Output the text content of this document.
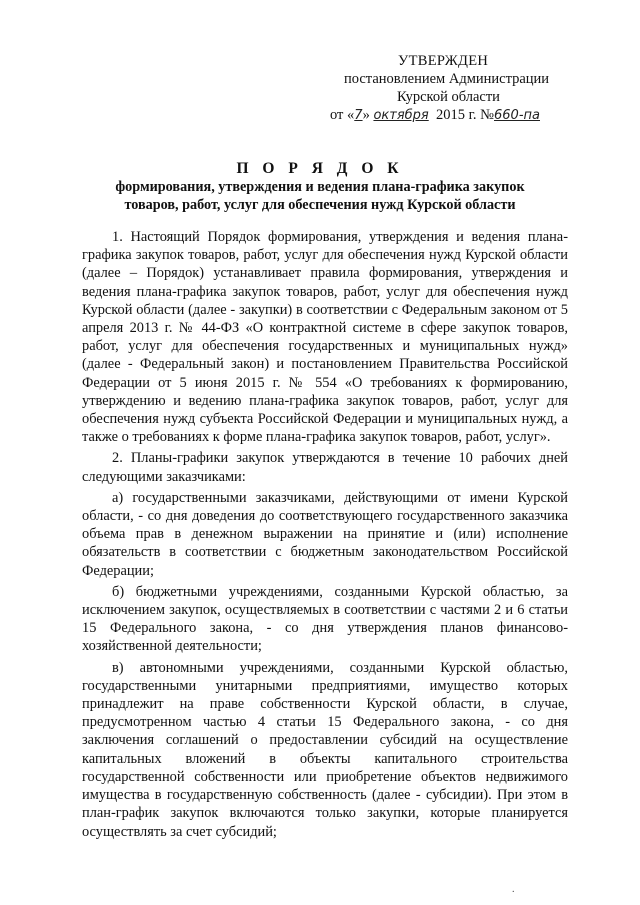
УТВЕРЖДЕН
постановлением Администрации
Курской области
от «7» октября 2015 г. №660-па
П О Р Я Д О К
формирования, утверждения и ведения плана-графика закупок товаров, работ, услуг для обеспечения нужд Курской области

1. Настоящий Порядок формирования, утверждения и ведения плана-графика закупок товаров, работ, услуг для обеспечения нужд Курской области (далее – Порядок) устанавливает правила формирования, утверждения и ведения плана-графика закупок товаров, работ, услуг для обеспечения нужд Курской области (далее - закупки) в соответствии с Федеральным законом от 5 апреля 2013 г. № 44-ФЗ «О контрактной системе в сфере закупок товаров, работ, услуг для обеспечения государственных и муниципальных нужд» (далее - Федеральный закон) и постановлением Правительства Российской Федерации от 5 июня 2015 г. № 554 «О требованиях к формированию, утверждению и ведению плана-графика закупок товаров, работ, услуг для обеспечения нужд субъекта Российской Федерации и муниципальных нужд, а также о требованиях к форме плана-графика закупок товаров, работ, услуг».

2. Планы-графики закупок утверждаются в течение 10 рабочих дней следующими заказчиками:

а) государственными заказчиками, действующими от имени Курской области, - со дня доведения до соответствующего государственного заказчика объема прав в денежном выражении на принятие и (или) исполнение обязательств в соответствии с бюджетным законодательством Российской Федерации;

б) бюджетными учреждениями, созданными Курской областью, за исключением закупок, осуществляемых в соответствии с частями 2 и 6 статьи 15 Федерального закона, - со дня утверждения планов финансово-хозяйственной деятельности;

в) автономными учреждениями, созданными Курской областью, государственными унитарными предприятиями, имущество которых принадлежит на праве собственности Курской области, в случае, предусмотренном частью 4 статьи 15 Федерального закона, - со дня заключения соглашений о предоставлении субсидий на осуществление капитальных вложений в объекты капитального строительства государственной собственности или приобретение объектов недвижимого имущества в государственную собственность (далее - субсидии). При этом в план-график закупок включаются только закупки, которые планируется осуществлять за счет субсидий;

.
